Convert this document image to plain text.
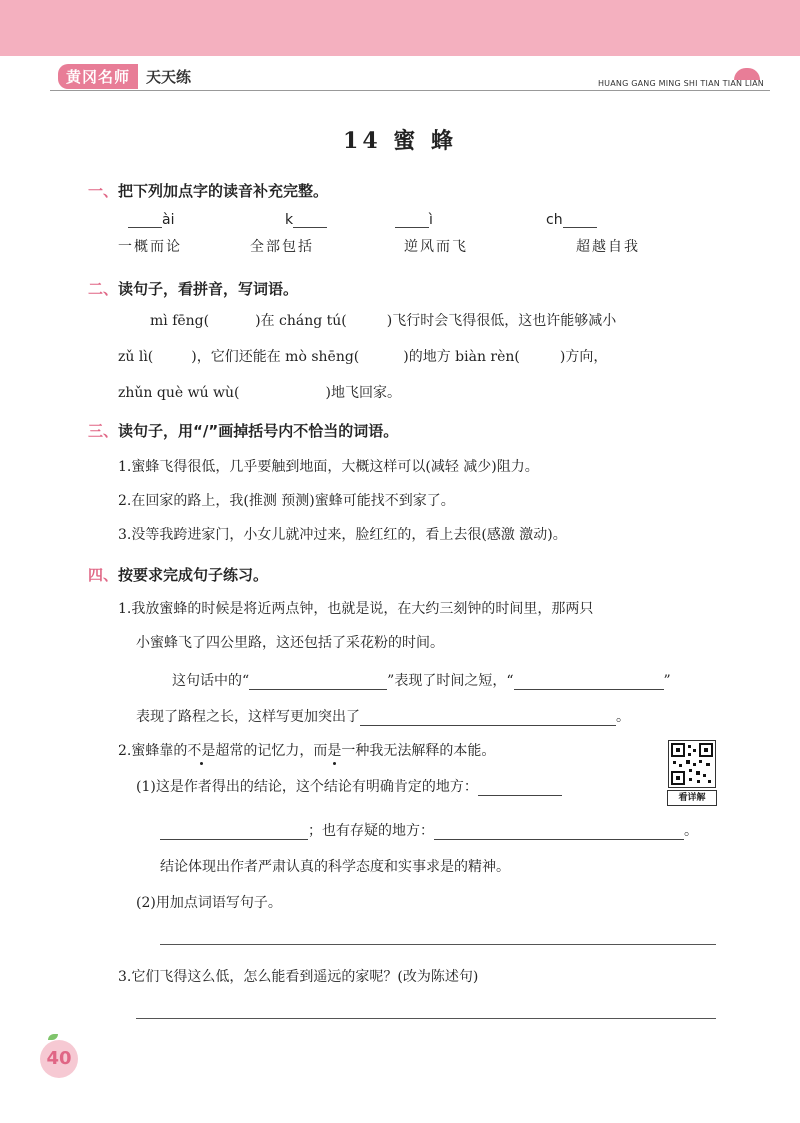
黄冈名师	天天练	HUANG GANG MING SHI TIAN TIAN LIAN
14 蜜 蜂
一、把下列加点字的读音补充完整。
ài	k	ì	ch
一概而论	全部包括	逆风而飞	超越自我
二、读句子，看拼音，写词语。
mì fēng(	)在 cháng tú(	)飞行时会飞得很低，这也许能够减小
zǔ lì(	)，它们还能在 mò shēng(	)的地方 biàn rèn(	)方向，
zhǔn què wú wù(	)地飞回家。
三、读句子，用“/”画掉括号内不恰当的词语。
1.蜜蜂飞得很低，几乎要触到地面，大概这样可以(减轻 减少)阻力。
2.在回家的路上，我(推测 预测)蜜蜂可能找不到家了。
3.没等我跨进家门，小女儿就冲过来，脸红红的，看上去很(感激 激动)。
四、按要求完成句子练习。
1.我放蜜蜂的时候是将近两点钟，也就是说，在大约三刻钟的时间里，那两只
小蜜蜂飞了四公里路，这还包括了采花粉的时间。
这句话中的“	”表现了时间之短，“	”
表现了路程之长，这样写更加突出了	。
2.蜜蜂靠的不是超常的记忆力，而是一种我无法解释的本能。
(1)这是作者得出的结论，这个结论有明确肯定的地方：
看详解
；也有存疑的地方：	。
结论体现出作者严肃认真的科学态度和实事求是的精神。
(2)用加点词语写句子。
3.它们飞得这么低，怎么能看到遥远的家呢？(改为陈述句)
40
